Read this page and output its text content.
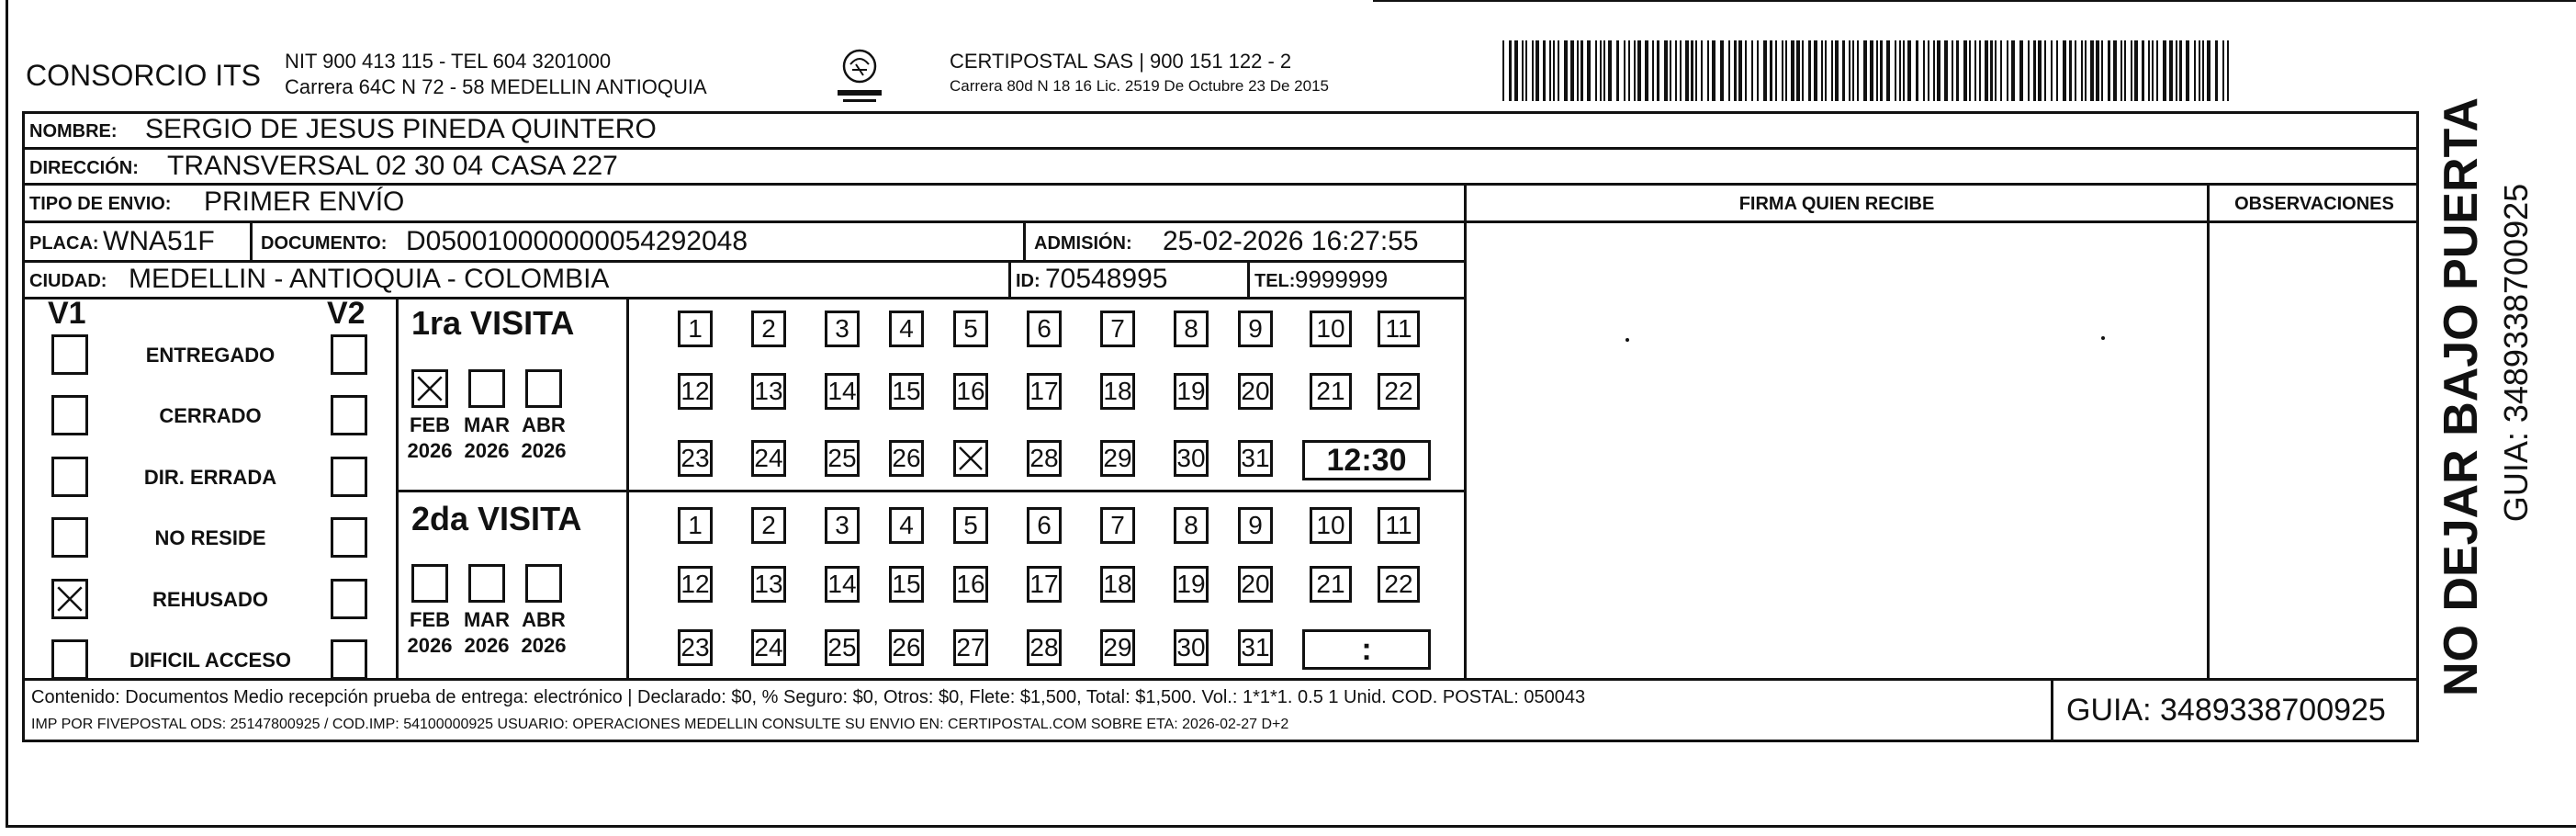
CONSORCIO ITS NIT 900 413 115 - TEL 604 3201000
Carrera 64C N 72 - 58 MEDELLIN ANTIOQUIA
CERTIPOSTAL SAS | 900 151 122 - 2
Carrera 80d N 18 16 Lic. 2519 De Octubre 23 De 2015
NOMBRE: SERGIO DE JESUS PINEDA QUINTERO
DIRECCIÓN: TRANSVERSAL 02 30 04 CASA 227
TIPO DE ENVIO: PRIMER ENVÍO
PLACA: WNA51F	DOCUMENTO: D050010000000054292048	ADMISIÓN: 25-02-2026 16:27:55
CIUDAD: MEDELLIN - ANTIOQUIA - COLOMBIA	ID: 70548995	TEL: 9999999
FIRMA QUIEN RECIBE	OBSERVACIONES
V1	V2
ENTREGADO
CERRADO
DIR. ERRADA
NO RESIDE
REHUSADO
DIFICIL ACCESO
1ra VISITA
FEB
2026
MAR
2026
ABR
2026
1	2	3	4	5	6	7	8	9	10	11
12 13 14 15 16 17 18 19 20 21 22
23 24 25 26	28 29 30 31	12:30
2da VISITA
FEB
2026
MAR
2026
ABR
2026
1	2	3	4	5	6	7	8	9	10	11
12 13 14 15 16 17 18 19 20 21 22
23 24 25 26 27 28 29 30 31	:
Contenido: Documentos Medio recepción prueba de entrega: electrónico | Declarado: $0, % Seguro: $0, Otros: $0, Flete: $1,500, Total: $1,500. Vol.: 1*1*1. 0.5 1 Unid. COD. POSTAL: 050043
IMP POR FIVEPOSTAL ODS: 25147800925 / COD.IMP: 54100000925 USUARIO: OPERACIONES MEDELLIN CONSULTE SU ENVIO EN: CERTIPOSTAL.COM SOBRE ETA: 2026-02-27 D+2	GUIA: 3489338700925
NO DEJAR BAJO PUERTA GUIA: 3489338700925
